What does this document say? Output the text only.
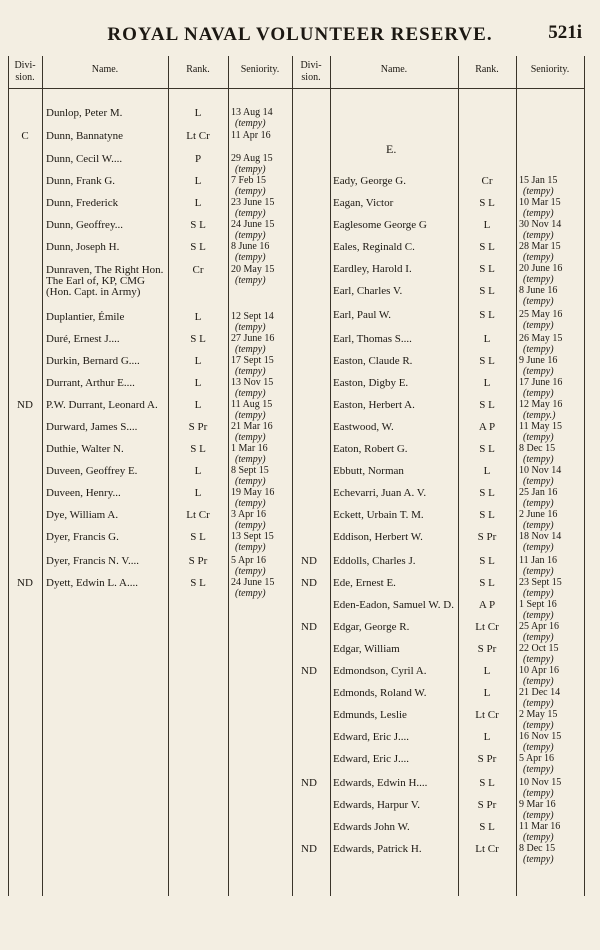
ROYAL NAVAL VOLUNTEER RESERVE.	521i
Divi-sion.
Name.	Rank.	Seniority.	Divi-sion.
Name.	Rank.	Seniority.
E.
Dunlop, Peter M.	L	13 Aug 14
(tempy)
C	Dunn, Bannatyne	Lt Cr	11 Apr 16
Dunn, Cecil W....	P	29 Aug 15
(tempy)
Dunn, Frank G.	L	7 Feb 15
(tempy)
Dunn, Frederick	L	23 June 15
(tempy)
Dunn, Geoffrey...	S L	24 June 15
(tempy)
Dunn, Joseph H.	S L	8 June 16
(tempy)
Dunraven, The Right Hon. The Earl of, KP, CMG (Hon. Capt. in Army)
Cr	20 May 15
(tempy)
Duplantier, Émile	L	12 Sept 14
(tempy)
Duré, Ernest J....	S L	27 June 16
(tempy)
Durkin, Bernard G....	L	17 Sept 15
(tempy)
Durrant, Arthur E....	L	13 Nov 15
(tempy)
ND	P.W. Durrant, Leonard A.	L	11 Aug 15
(tempy)
Durward, James S....	S Pr	21 Mar 16
(tempy)
Duthie, Walter N.	S L	1 Mar 16
(tempy)
Duveen, Geoffrey E.	L	8 Sept 15
(tempy)
Duveen, Henry...	L	19 May 16
(tempy)
Dye, William A.	Lt Cr	3 Apr 16
(tempy)
Dyer, Francis G.	S L	13 Sept 15
(tempy)
Dyer, Francis N. V....	S Pr	5 Apr 16
(tempy)
ND	Dyett, Edwin L. A....	S L	24 June 15
(tempy)
Eady, George G.	Cr	15 Jan 15
(tempy)
Eagan, Victor	S L	10 Mar 15
(tempy)
Eaglesome George G	L	30 Nov 14
(tempy)
Eales, Reginald C.	S L	28 Mar 15
(tempy)
Eardley, Harold I.	S L	20 June 16
(tempy)
Earl, Charles V.	S L	8 June 16
(tempy)
Earl, Paul W.	S L	25 May 16
(tempy)
Earl, Thomas S....	L	26 May 15
(tempy)
Easton, Claude R.	S L	9 June 16
(tempy)
Easton, Digby E.	L	17 June 16
(tempy)
Easton, Herbert A.	S L	12 May 16
(tempy.)
Eastwood, W.	A P	11 May 15
(tempy)
Eaton, Robert G.	S L	8 Dec 15
(tempy)
Ebbutt, Norman	L	10 Nov 14
(tempy)
Echevarri, Juan A. V.	S L	25 Jan 16
(tempy)
Eckett, Urbain T. M.	S L	2 June 16
(tempy)
Eddison, Herbert W.	S Pr	18 Nov 14
(tempy)
ND	Eddolls, Charles J.	S L	11 Jan 16
(tempy)
ND	Ede, Ernest E.	S L	23 Sept 15
(tempy)
Eden-Eadon, Samuel W. D.	A P	1 Sept 16
(tempy)
ND	Edgar, George R.	Lt Cr	25 Apr 16
(tempy)
Edgar, William	S Pr	22 Oct 15
(tempy)
ND	Edmondson, Cyril A.	L	10 Apr 16
(tempy)
Edmonds, Roland W.	L	21 Dec 14
(tempy)
Edmunds, Leslie	Lt Cr	2 May 15
(tempy)
Edward, Eric J....	L	16 Nov 15
(tempy)
Edward, Eric J....	S Pr	5 Apr 16
(tempy)
ND	Edwards, Edwin H....	S L	10 Nov 15
(tempy)
Edwards, Harpur V.	S Pr	9 Mar 16
(tempy)
Edwards John W.	S L	11 Mar 16
(tempy)
ND	Edwards, Patrick H.	Lt Cr	8 Dec 15
(tempy)
